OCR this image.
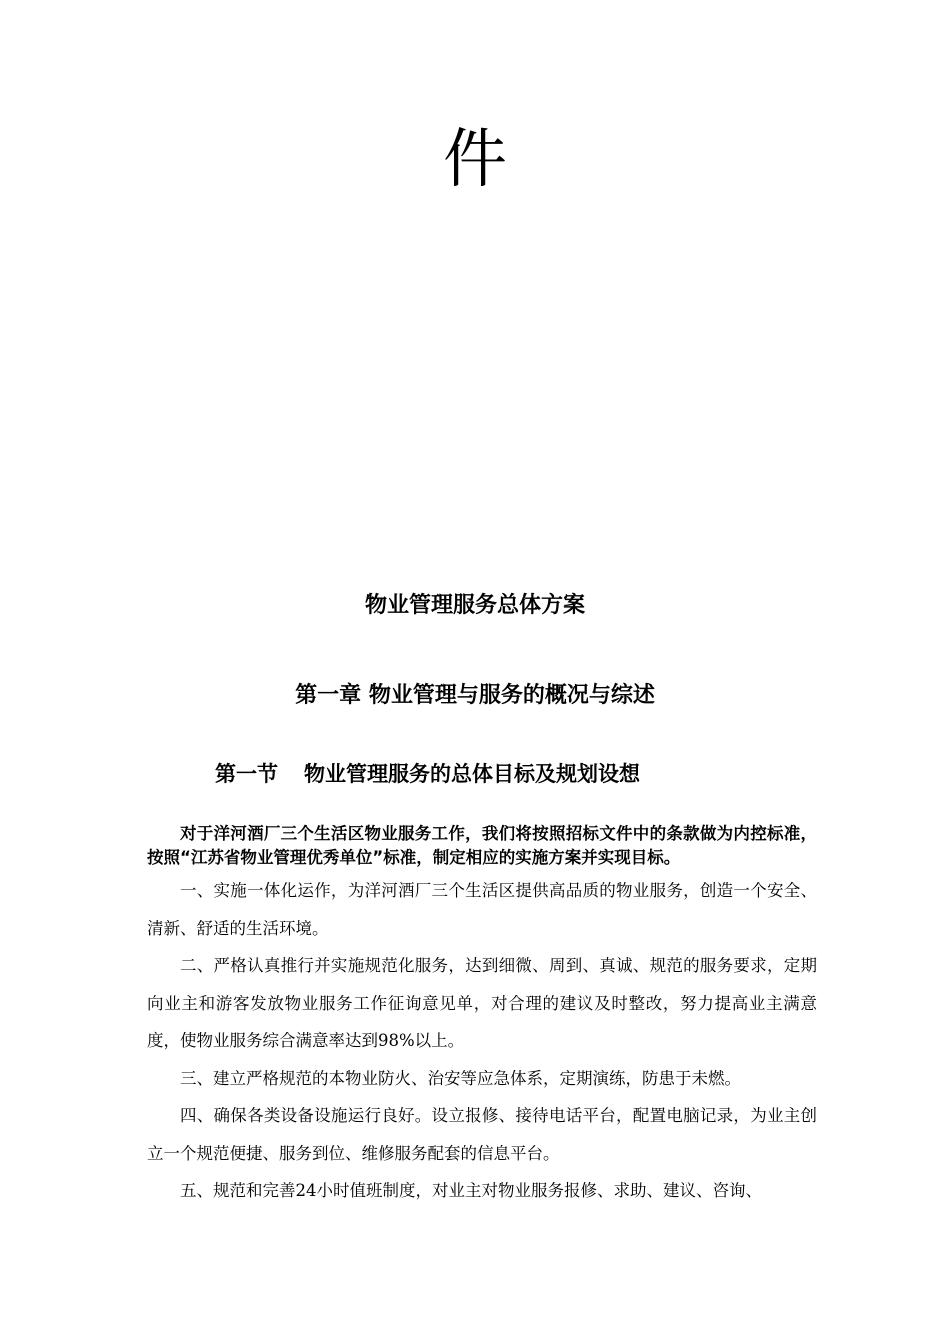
件
物业管理服务总体方案
第一章 物业管理与服务的概况与综述
第一节 物业管理服务的总体目标及规划设想

对于洋河酒厂三个生活区物业服务工作，我们将按照招标文件中的条款做为内控标准，按照“江苏省物业管理优秀单位”标准，制定相应的实施方案并实现目标。

一、实施一体化运作，为洋河酒厂三个生活区提供高品质的物业服务，创造一个安全、清新、舒适的生活环境。

二、严格认真推行并实施规范化服务，达到细微、周到、真诚、规范的服务要求，定期向业主和游客发放物业服务工作征询意见单，对合理的建议及时整改，努力提高业主满意度，使物业服务综合满意率达到98%以上。

三、建立严格规范的本物业防火、治安等应急体系，定期演练，防患于未燃。

四、确保各类设备设施运行良好。设立报修、接待电话平台，配置电脑记录，为业主创立一个规范便捷、服务到位、维修服务配套的信息平台。

五、规范和完善24小时值班制度，对业主对物业服务报修、求助、建议、咨询、
